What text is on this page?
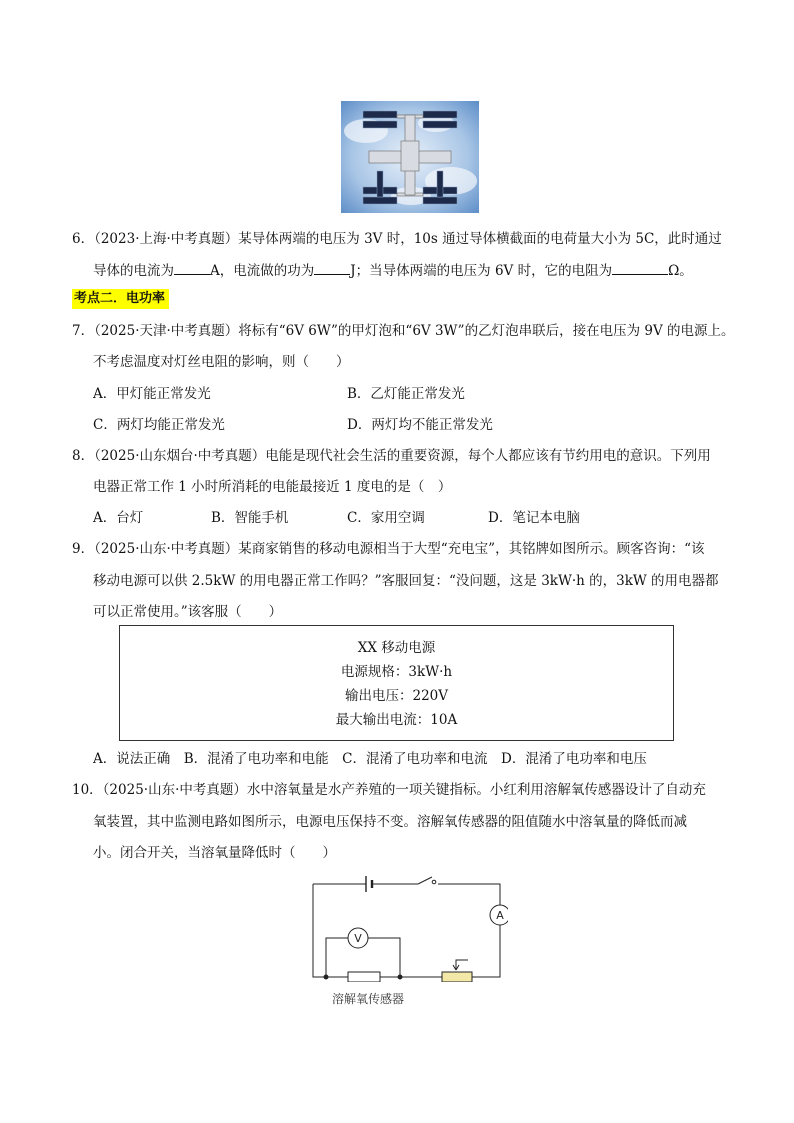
6．（2023·上海·中考真题）某导体两端的电压为 3V 时，10s 通过导体横截面的电荷量大小为 5C，此时通过
导体的电流为	A，电流做的功为	J；当导体两端的电压为 6V 时，它的电阻为	Ω。
考点二．电功率
7．（2025·天津·中考真题）将标有“6V 6W”的甲灯泡和“6V 3W”的乙灯泡串联后，接在电压为 9V 的电源上。
不考虑温度对灯丝电阻的影响，则（　　）
A．甲灯能正常发光	B．乙灯能正常发光
C．两灯均能正常发光	D．两灯均不能正常发光
8．（2025·山东烟台·中考真题）电能是现代社会生活的重要资源，每个人都应该有节约用电的意识。下列用
电器正常工作 1 小时所消耗的电能最接近 1 度电的是（　）
A．台灯	B．智能手机	C．家用空调	D．笔记本电脑
9．（2025·山东·中考真题）某商家销售的移动电源相当于大型“充电宝”，其铭牌如图所示。顾客咨询：“该
移动电源可以供 2.5kW 的用电器正常工作吗？”客服回复：“没问题，这是 3kW·h 的，3kW 的用电器都
可以正常使用。”该客服（　　）
XX 移动电源
电源规格：3kW·h
输出电压：220V
最大输出电流：10A
A．说法正确　B．混淆了电功率和电能　C．混淆了电功率和电流　D．混淆了电功率和电压
10．（2025·山东·中考真题）水中溶氧量是水产养殖的一项关键指标。小红利用溶解氧传感器设计了自动充
氧装置，其中监测电路如图所示，电源电压保持不变。溶解氧传感器的阻值随水中溶氧量的降低而减
小。闭合开关，当溶氧量降低时（　　）
A
V
溶解氧传感器
